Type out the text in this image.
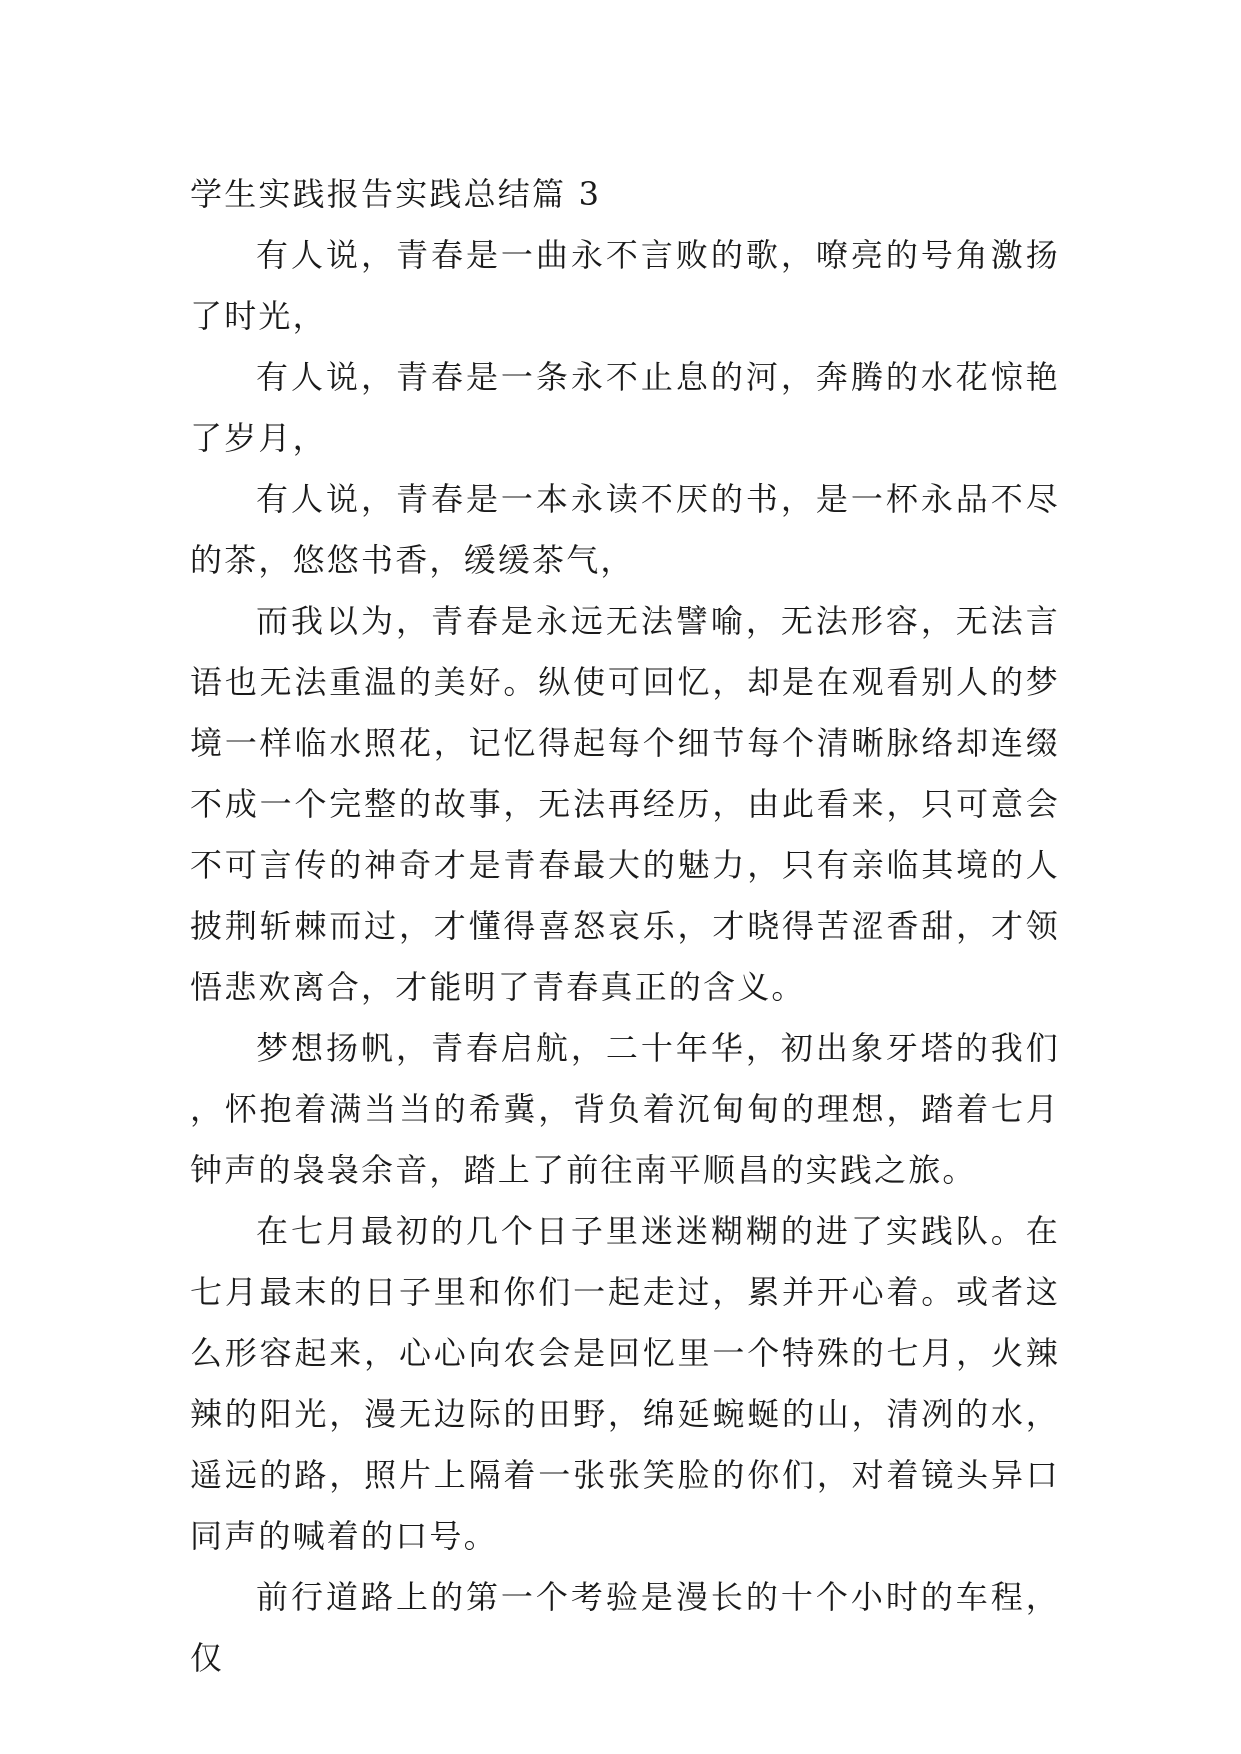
学生实践报告实践总结篇 3

有人说，青春是一曲永不言败的歌，嘹亮的号角激扬了时光，

有人说，青春是一条永不止息的河，奔腾的水花惊艳了岁月，

有人说，青春是一本永读不厌的书，是一杯永品不尽的茶，悠悠书香，缓缓茶气，

而我以为，青春是永远无法譬喻，无法形容，无法言语也无法重温的美好。纵使可回忆，却是在观看别人的梦境一样临水照花，记忆得起每个细节每个清晰脉络却连缀不成一个完整的故事，无法再经历，由此看来，只可意会不可言传的神奇才是青春最大的魅力，只有亲临其境的人披荆斩棘而过，才懂得喜怒哀乐，才晓得苦涩香甜，才领悟悲欢离合，才能明了青春真正的含义。

梦想扬帆，青春启航，二十年华，初出象牙塔的我们，怀抱着满当当的希冀，背负着沉甸甸的理想，踏着七月钟声的袅袅余音，踏上了前往南平顺昌的实践之旅。

在七月最初的几个日子里迷迷糊糊的进了实践队。在七月最末的日子里和你们一起走过，累并开心着。或者这么形容起来，心心向农会是回忆里一个特殊的七月，火辣辣的阳光，漫无边际的田野，绵延蜿蜒的山，清冽的水，遥远的路，照片上隔着一张张笑脸的你们，对着镜头异口同声的喊着的口号。

前行道路上的第一个考验是漫长的十个小时的车程，仅
